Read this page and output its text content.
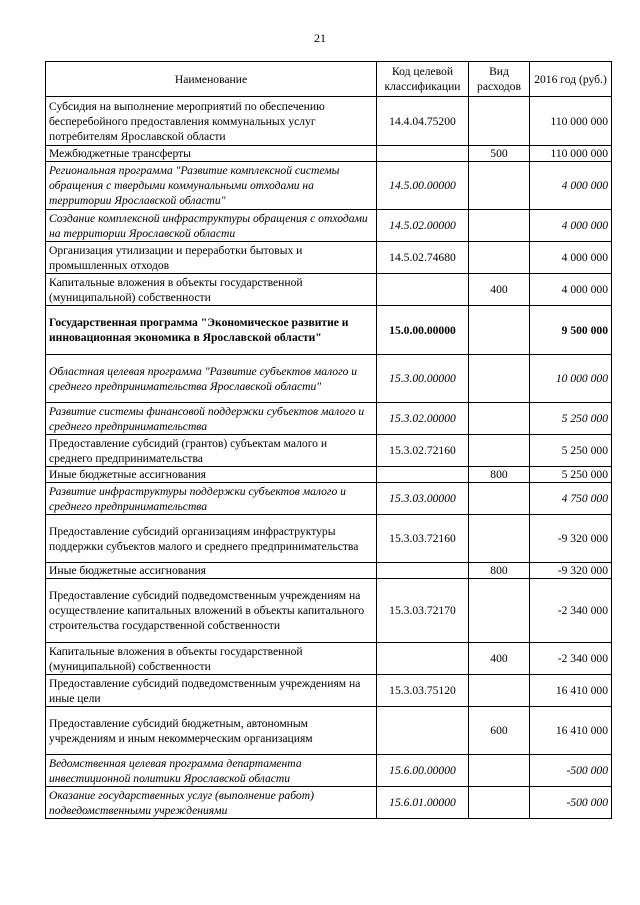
21
Наименование	Код целевой классификации	Вид расходов	2016 год (руб.)
Субсидия на выполнение мероприятий по обеспечению бесперебойного предоставления коммунальных услуг потребителям Ярославской области	14.4.04.75200		110 000 000
Межбюджетные трансферты		500	110 000 000
Региональная программа "Развитие комплексной системы обращения с твердыми коммунальными отходами на территории Ярославской области"	14.5.00.00000		4 000 000
Создание комплексной инфраструктуры обращения с отходами на территории Ярославской области	14.5.02.00000		4 000 000
Организация утилизации и переработки бытовых и промышленных отходов	14.5.02.74680		4 000 000
Капитальные вложения в объекты государственной (муниципальной) собственности		400	4 000 000
Государственная программа "Экономическое развитие и инновационная экономика в Ярославской области"	15.0.00.00000		9 500 000
Областная целевая программа "Развитие субъектов малого и среднего предпринимательства Ярославской области"	15.3.00.00000		10 000 000
Развитие системы финансовой поддержки субъектов малого и среднего предпринимательства	15.3.02.00000		5 250 000
Предоставление субсидий (грантов) субъектам малого и среднего предпринимательства	15.3.02.72160		5 250 000
Иные бюджетные ассигнования		800	5 250 000
Развитие инфраструктуры поддержки субъектов малого и среднего предпринимательства	15.3.03.00000		4 750 000
Предоставление субсидий организациям инфраструктуры поддержки субъектов малого и среднего предпринимательства	15.3.03.72160		-9 320 000
Иные бюджетные ассигнования		800	-9 320 000
Предоставление субсидий подведомственным учреждениям на осуществление капитальных вложений в объекты капитального строительства государственной собственности	15.3.03.72170		-2 340 000
Капитальные вложения в объекты государственной (муниципальной) собственности		400	-2 340 000
Предоставление субсидий подведомственным учреждениям на иные цели	15.3.03.75120		16 410 000
Предоставление субсидий бюджетным, автономным учреждениям и иным некоммерческим организациям		600	16 410 000
Ведомственная целевая программа департамента инвестиционной политики Ярославской области	15.6.00.00000		-500 000
Оказание государственных услуг (выполнение работ) подведомственными учреждениями	15.6.01.00000		-500 000
